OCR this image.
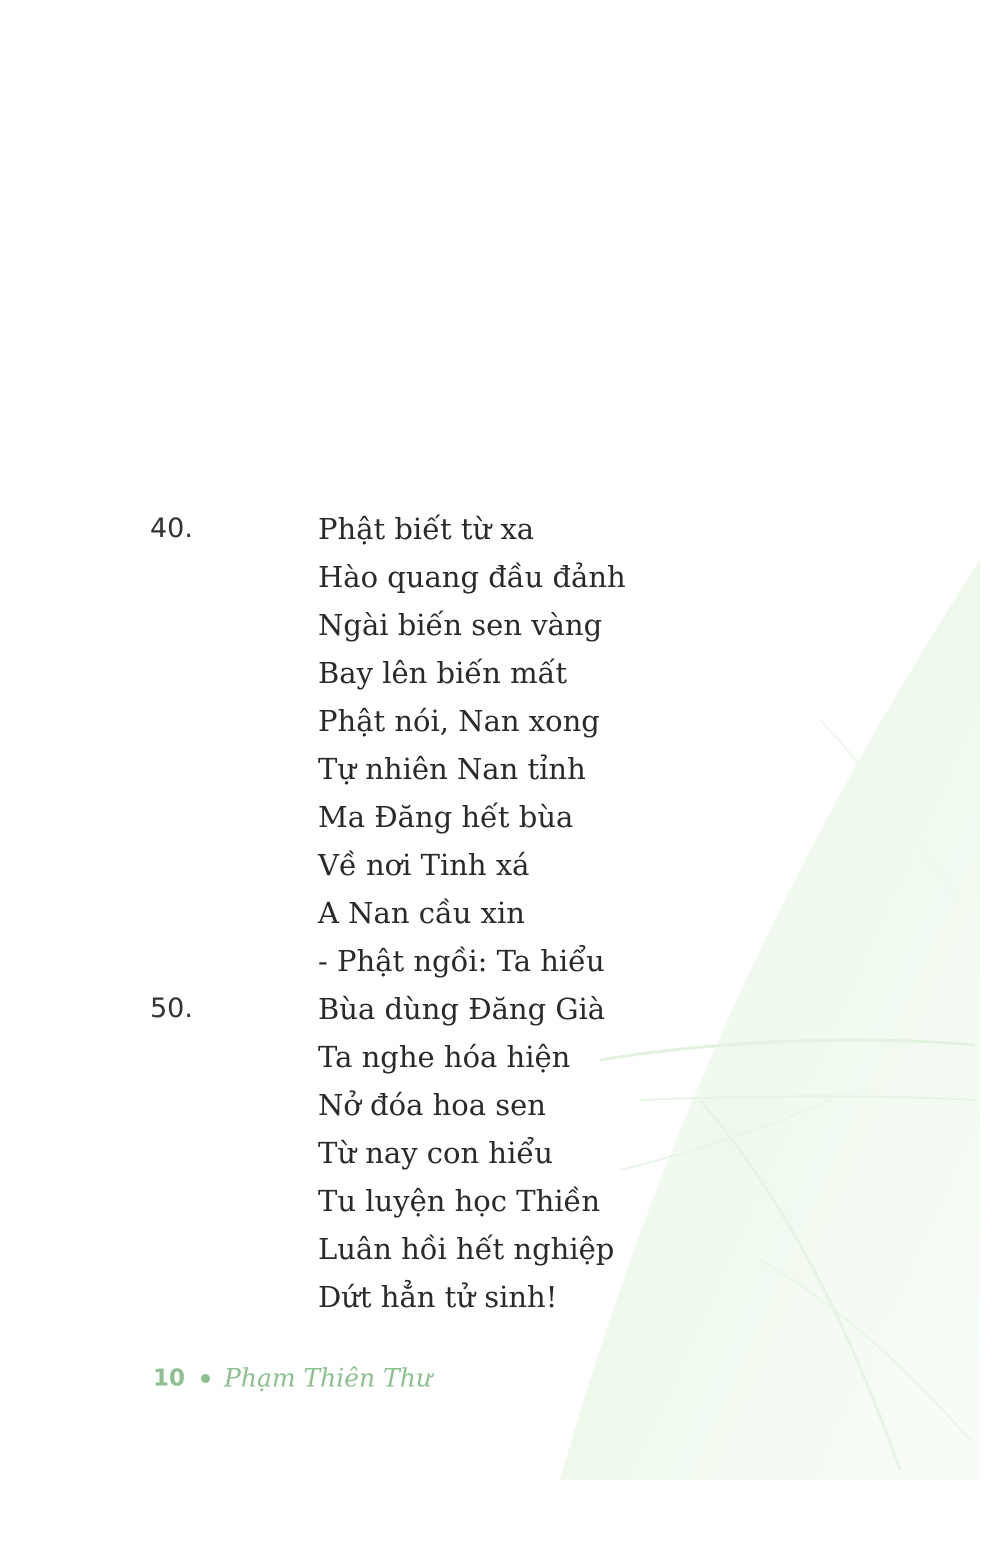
40.	Phật biết từ xa
Hào quang đầu đảnh
Ngài biến sen vàng
Bay lên biến mất
Phật nói, Nan xong
Tự nhiên Nan tỉnh
Ma Đăng hết bùa
Về nơi Tinh xá
A Nan cầu xin
- Phật ngồi: Ta hiểu
50.	Bùa dùng Đăng Già
Ta nghe hóa hiện
Nở đóa hoa sen
Từ nay con hiểu
Tu luyện học Thiền
Luân hồi hết nghiệp
Dứt hẳn tử sinh!
10 Phạm Thiên Thư
